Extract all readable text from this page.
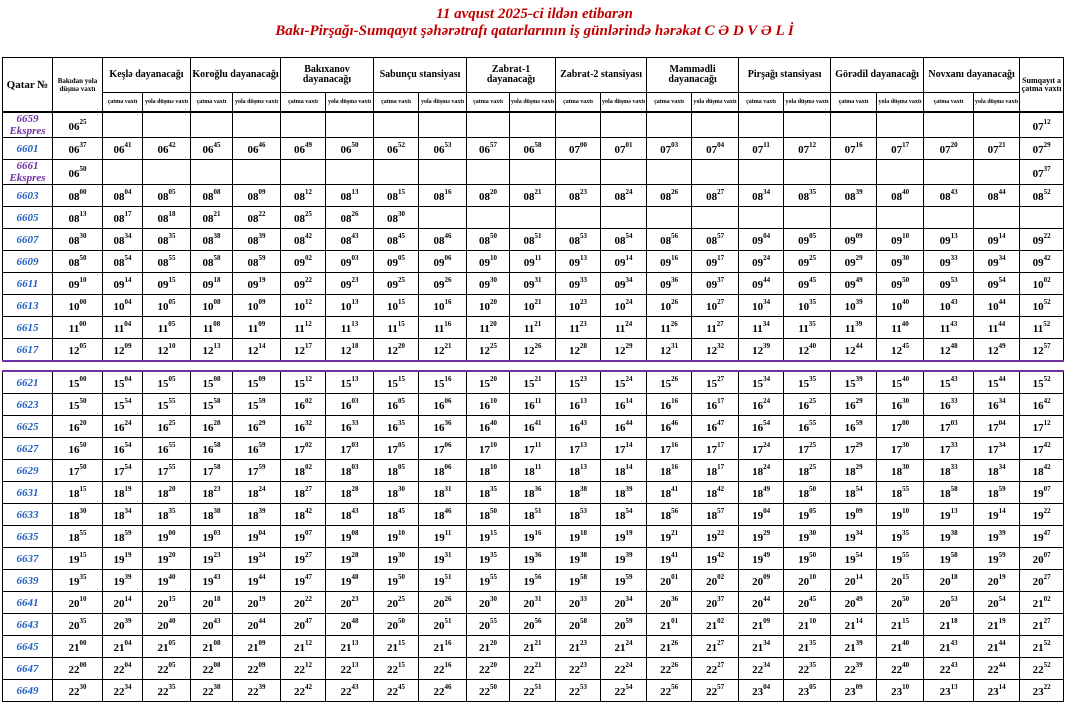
11 avqust 2025-ci ildən etibarən
Bakı-Pirşağı-Sumqayıt şəhərətrafı qatarlarının iş günlərində hərəkət C Ə D V Ə L İ
Qatar №	Bakıdan yola düşmə vaxtı	Keşlə dayanacağı		Koroğlu dayanacağı		Bakıxanov dayanacağı		Sabunçu stansiyası		Zabrat-1 dayanacağı		Zabrat-2 stansiyası		Məmmədli dayanacağı		Pirşağı stansiyası		Görədil dayanacağı		Novxanı dayanacağı		Sumqayıt a çatma vaxtı
		çatma vaxtı	yola düşmə vaxtı	çatma vaxtı	yola düşmə vaxtı	çatma vaxtı	yola düşmə vaxtı	çatma vaxtı	yola düşmə vaxtı	çatma vaxtı	yola düşmə vaxtı	çatma vaxtı	yola düşmə vaxtı	çatma vaxtı	yola düşmə vaxtı	çatma vaxtı	yola düşmə vaxtı	çatma vaxtı	yola düşmə vaxtı	çatma vaxtı	yola düşmə vaxtı	
6659
Ekspres	$06^{25}$																					$07^{12}$
6601	$06^{37}$	$06^{41}$	$06^{42}$	$06^{45}$	$06^{46}$	$06^{49}$	$06^{50}$	$06^{52}$	$06^{53}$	$06^{57}$	$06^{58}$	$07^{00}$	$07^{01}$	$07^{03}$	$07^{04}$	$07^{11}$	$07^{12}$	$07^{16}$	$07^{17}$	$07^{20}$	$07^{21}$	$07^{29}$
6661
Ekspres	$06^{50}$																					$07^{37}$
6603	$08^{00}$	$08^{04}$	$08^{05}$	$08^{08}$	$08^{09}$	$08^{12}$	$08^{13}$	$08^{15}$	$08^{16}$	$08^{20}$	$08^{21}$	$08^{23}$	$08^{24}$	$08^{26}$	$08^{27}$	$08^{34}$	$08^{35}$	$08^{39}$	$08^{40}$	$08^{43}$	$08^{44}$	$08^{52}$
6605	$08^{13}$	$08^{17}$	$08^{18}$	$08^{21}$	$08^{22}$	$08^{25}$	$08^{26}$	$08^{30}$														
6607	$08^{30}$	$08^{34}$	$08^{35}$	$08^{38}$	$08^{39}$	$08^{42}$	$08^{43}$	$08^{45}$	$08^{46}$	$08^{50}$	$08^{51}$	$08^{53}$	$08^{54}$	$08^{56}$	$08^{57}$	$09^{04}$	$09^{05}$	$09^{09}$	$09^{10}$	$09^{13}$	$09^{14}$	$09^{22}$
6609	$08^{50}$	$08^{54}$	$08^{55}$	$08^{58}$	$08^{59}$	$09^{02}$	$09^{03}$	$09^{05}$	$09^{06}$	$09^{10}$	$09^{11}$	$09^{13}$	$09^{14}$	$09^{16}$	$09^{17}$	$09^{24}$	$09^{25}$	$09^{29}$	$09^{30}$	$09^{33}$	$09^{34}$	$09^{42}$
6611	$09^{10}$	$09^{14}$	$09^{15}$	$09^{18}$	$09^{19}$	$09^{22}$	$09^{23}$	$09^{25}$	$09^{26}$	$09^{30}$	$09^{31}$	$09^{33}$	$09^{34}$	$09^{36}$	$09^{37}$	$09^{44}$	$09^{45}$	$09^{49}$	$09^{50}$	$09^{53}$	$09^{54}$	$10^{02}$
6613	$10^{00}$	$10^{04}$	$10^{05}$	$10^{08}$	$10^{09}$	$10^{12}$	$10^{13}$	$10^{15}$	$10^{16}$	$10^{20}$	$10^{21}$	$10^{23}$	$10^{24}$	$10^{26}$	$10^{27}$	$10^{34}$	$10^{35}$	$10^{39}$	$10^{40}$	$10^{43}$	$10^{44}$	$10^{52}$
6615	$11^{00}$	$11^{04}$	$11^{05}$	$11^{08}$	$11^{09}$	$11^{12}$	$11^{13}$	$11^{15}$	$11^{16}$	$11^{20}$	$11^{21}$	$11^{23}$	$11^{24}$	$11^{26}$	$11^{27}$	$11^{34}$	$11^{35}$	$11^{39}$	$11^{40}$	$11^{43}$	$11^{44}$	$11^{52}$
6617	$12^{05}$	$12^{09}$	$12^{10}$	$12^{13}$	$12^{14}$	$12^{17}$	$12^{18}$	$12^{20}$	$12^{21}$	$12^{25}$	$12^{26}$	$12^{28}$	$12^{29}$	$12^{31}$	$12^{32}$	$12^{39}$	$12^{40}$	$12^{44}$	$12^{45}$	$12^{48}$	$12^{49}$	$12^{57}$

6621	$15^{00}$	$15^{04}$	$15^{05}$	$15^{08}$	$15^{09}$	$15^{12}$	$15^{13}$	$15^{15}$	$15^{16}$	$15^{20}$	$15^{21}$	$15^{23}$	$15^{24}$	$15^{26}$	$15^{27}$	$15^{34}$	$15^{35}$	$15^{39}$	$15^{40}$	$15^{43}$	$15^{44}$	$15^{52}$
6623	$15^{50}$	$15^{54}$	$15^{55}$	$15^{58}$	$15^{59}$	$16^{02}$	$16^{03}$	$16^{05}$	$16^{06}$	$16^{10}$	$16^{11}$	$16^{13}$	$16^{14}$	$16^{16}$	$16^{17}$	$16^{24}$	$16^{25}$	$16^{29}$	$16^{30}$	$16^{33}$	$16^{34}$	$16^{42}$
6625	$16^{20}$	$16^{24}$	$16^{25}$	$16^{28}$	$16^{29}$	$16^{32}$	$16^{33}$	$16^{35}$	$16^{36}$	$16^{40}$	$16^{41}$	$16^{43}$	$16^{44}$	$16^{46}$	$16^{47}$	$16^{54}$	$16^{55}$	$16^{59}$	$17^{00}$	$17^{03}$	$17^{04}$	$17^{12}$
6627	$16^{50}$	$16^{54}$	$16^{55}$	$16^{58}$	$16^{59}$	$17^{02}$	$17^{03}$	$17^{05}$	$17^{06}$	$17^{10}$	$17^{11}$	$17^{13}$	$17^{14}$	$17^{16}$	$17^{17}$	$17^{24}$	$17^{25}$	$17^{29}$	$17^{30}$	$17^{33}$	$17^{34}$	$17^{42}$
6629	$17^{50}$	$17^{54}$	$17^{55}$	$17^{58}$	$17^{59}$	$18^{02}$	$18^{03}$	$18^{05}$	$18^{06}$	$18^{10}$	$18^{11}$	$18^{13}$	$18^{14}$	$18^{16}$	$18^{17}$	$18^{24}$	$18^{25}$	$18^{29}$	$18^{30}$	$18^{33}$	$18^{34}$	$18^{42}$
6631	$18^{15}$	$18^{19}$	$18^{20}$	$18^{23}$	$18^{24}$	$18^{27}$	$18^{28}$	$18^{30}$	$18^{31}$	$18^{35}$	$18^{36}$	$18^{38}$	$18^{39}$	$18^{41}$	$18^{42}$	$18^{49}$	$18^{50}$	$18^{54}$	$18^{55}$	$18^{58}$	$18^{59}$	$19^{07}$
6633	$18^{30}$	$18^{34}$	$18^{35}$	$18^{38}$	$18^{39}$	$18^{42}$	$18^{43}$	$18^{45}$	$18^{46}$	$18^{50}$	$18^{51}$	$18^{53}$	$18^{54}$	$18^{56}$	$18^{57}$	$19^{04}$	$19^{05}$	$19^{09}$	$19^{10}$	$19^{13}$	$19^{14}$	$19^{22}$
6635	$18^{55}$	$18^{59}$	$19^{00}$	$19^{03}$	$19^{04}$	$19^{07}$	$19^{08}$	$19^{10}$	$19^{11}$	$19^{15}$	$19^{16}$	$19^{18}$	$19^{19}$	$19^{21}$	$19^{22}$	$19^{29}$	$19^{30}$	$19^{34}$	$19^{35}$	$19^{38}$	$19^{39}$	$19^{47}$
6637	$19^{15}$	$19^{19}$	$19^{20}$	$19^{23}$	$19^{24}$	$19^{27}$	$19^{28}$	$19^{30}$	$19^{31}$	$19^{35}$	$19^{36}$	$19^{38}$	$19^{39}$	$19^{41}$	$19^{42}$	$19^{49}$	$19^{50}$	$19^{54}$	$19^{55}$	$19^{58}$	$19^{59}$	$20^{07}$
6639	$19^{35}$	$19^{39}$	$19^{40}$	$19^{43}$	$19^{44}$	$19^{47}$	$19^{48}$	$19^{50}$	$19^{51}$	$19^{55}$	$19^{56}$	$19^{58}$	$19^{59}$	$20^{01}$	$20^{02}$	$20^{09}$	$20^{10}$	$20^{14}$	$20^{15}$	$20^{18}$	$20^{19}$	$20^{27}$
6641	$20^{10}$	$20^{14}$	$20^{15}$	$20^{18}$	$20^{19}$	$20^{22}$	$20^{23}$	$20^{25}$	$20^{26}$	$20^{30}$	$20^{31}$	$20^{33}$	$20^{34}$	$20^{36}$	$20^{37}$	$20^{44}$	$20^{45}$	$20^{49}$	$20^{50}$	$20^{53}$	$20^{54}$	$21^{02}$
6643	$20^{35}$	$20^{39}$	$20^{40}$	$20^{43}$	$20^{44}$	$20^{47}$	$20^{48}$	$20^{50}$	$20^{51}$	$20^{55}$	$20^{56}$	$20^{58}$	$20^{59}$	$21^{01}$	$21^{02}$	$21^{09}$	$21^{10}$	$21^{14}$	$21^{15}$	$21^{18}$	$21^{19}$	$21^{27}$
6645	$21^{00}$	$21^{04}$	$21^{05}$	$21^{08}$	$21^{09}$	$21^{12}$	$21^{13}$	$21^{15}$	$21^{16}$	$21^{20}$	$21^{21}$	$21^{23}$	$21^{24}$	$21^{26}$	$21^{27}$	$21^{34}$	$21^{35}$	$21^{39}$	$21^{40}$	$21^{43}$	$21^{44}$	$21^{52}$
6647	$22^{00}$	$22^{04}$	$22^{05}$	$22^{08}$	$22^{09}$	$22^{12}$	$22^{13}$	$22^{15}$	$22^{16}$	$22^{20}$	$22^{21}$	$22^{23}$	$22^{24}$	$22^{26}$	$22^{27}$	$22^{34}$	$22^{35}$	$22^{39}$	$22^{40}$	$22^{43}$	$22^{44}$	$22^{52}$
6649	$22^{30}$	$22^{34}$	$22^{35}$	$22^{38}$	$22^{39}$	$22^{42}$	$22^{43}$	$22^{45}$	$22^{46}$	$22^{50}$	$22^{51}$	$22^{53}$	$22^{54}$	$22^{56}$	$22^{57}$	$23^{04}$	$23^{05}$	$23^{09}$	$23^{10}$	$23^{13}$	$23^{14}$	$23^{22}$
